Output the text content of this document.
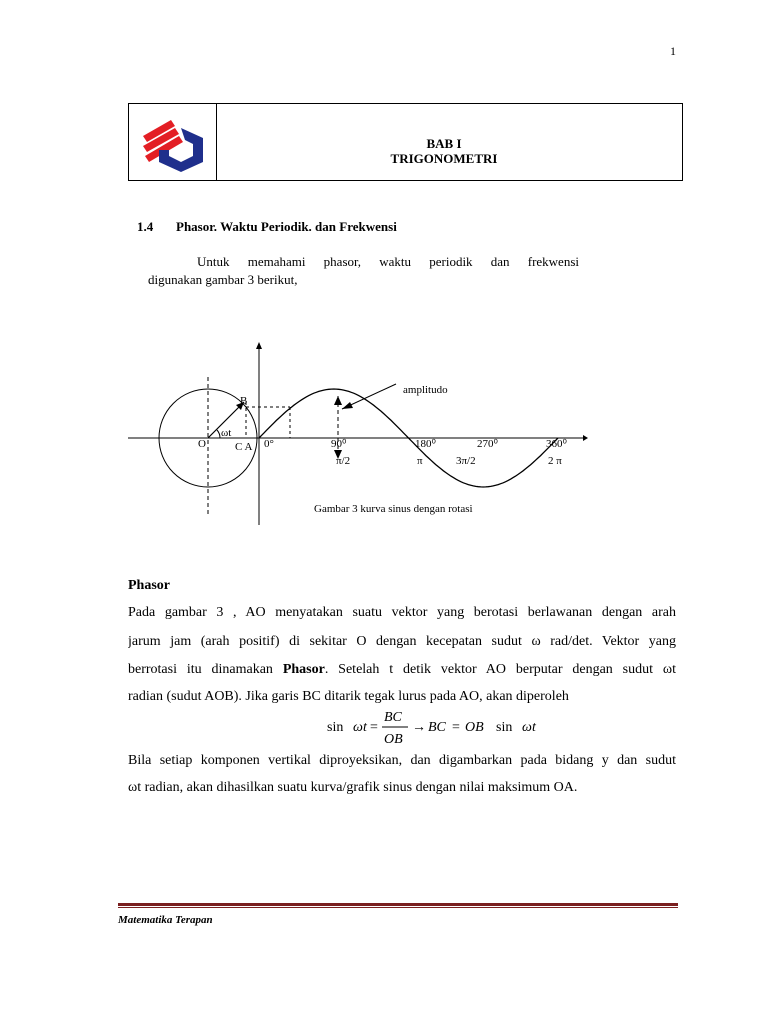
1
BAB I
TRIGONOMETRI
1.4 Phasor. Waktu Periodik. dan Frekwensi
Untuk memahami phasor, waktu periodik dan frekwensi
digunakan gambar 3 berikut,
amplitudo
B
ωt
O	C A 0°	90⁰	180⁰	270⁰	360⁰
π/2	π	3π/2	2 π
Gambar 3 kurva sinus dengan rotasi
Phasor
Pada gambar 3 , AO menyatakan suatu vektor yang berotasi berlawanan dengan arah
jarum jam (arah positif) di sekitar O dengan kecepatan sudut ω rad/det. Vektor yang
berrotasi itu dinamakan Phasor. Setelah t detik vektor AO berputar dengan sudut ωt
radian (sudut AOB). Jika garis BC ditarik tegak lurus pada AO, akan diperoleh
sin ω t =
BC
OB
→ BC = OB sin ω t
Bila setiap komponen vertikal diproyeksikan, dan digambarkan pada bidang y dan sudut
ωt radian, akan dihasilkan suatu kurva/grafik sinus dengan nilai maksimum OA.
Matematika Terapan
